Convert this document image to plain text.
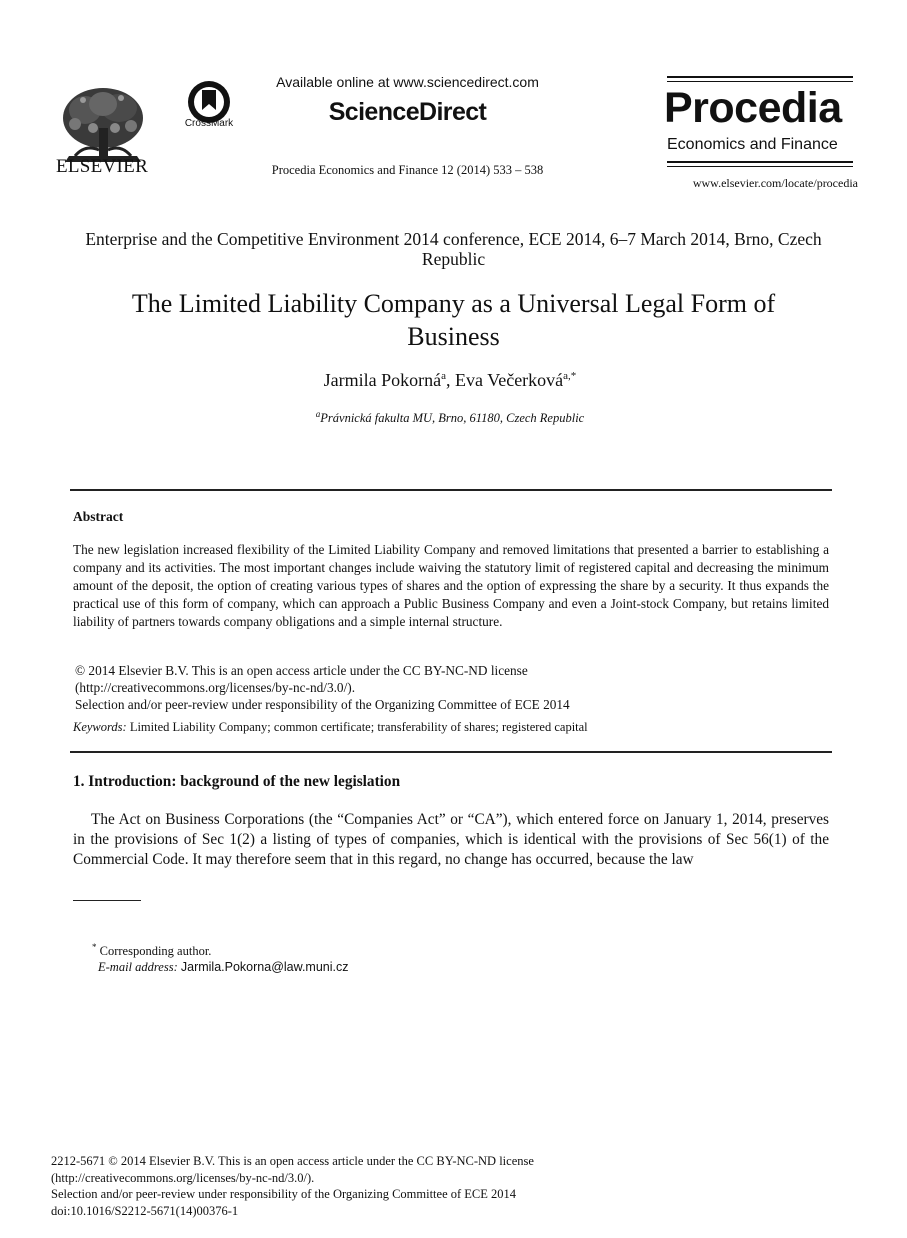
ELSEVIER
CrossMark
Available online at www.sciencedirect.com
ScienceDirect
Procedia Economics and Finance 12 (2014) 533 – 538
Procedia
Economics and Finance
www.elsevier.com/locate/procedia
Enterprise and the Competitive Environment 2014 conference, ECE 2014, 6–7 March 2014, Brno, Czech Republic
The Limited Liability Company as a Universal Legal Form of Business
Jarmila Pokorná$^a$, Eva Večerková$^{a,*}$
$^a$Právnická fakulta MU, Brno, 61180, Czech Republic
Abstract
The new legislation increased flexibility of the Limited Liability Company and removed limitations that presented a barrier to establishing a company and its activities. The most important changes include waiving the statutory limit of registered capital and decreasing the minimum amount of the deposit, the option of creating various types of shares and the option of expressing the share by a security. It thus expands the practical use of this form of company, which can approach a Public Business Company and even a Joint-stock Company, but retains limited liability of partners towards company obligations and a simple internal structure.
© 2014 Elsevier B.V. This is an open access article under the CC BY-NC-ND license
(http://creativecommons.org/licenses/by-nc-nd/3.0/).
Selection and/or peer-review under responsibility of the Organizing Committee of ECE 2014
Keywords: Limited Liability Company; common certificate; transferability of shares; registered capital
1. Introduction: background of the new legislation
The Act on Business Corporations (the “Companies Act” or “CA”), which entered force on January 1, 2014, preserves in the provisions of Sec 1(2) a listing of types of companies, which is identical with the provisions of Sec 56(1) of the Commercial Code. It may therefore seem that in this regard, no change has occurred, because the law
* Corresponding author.
E-mail address: Jarmila.Pokorna@law.muni.cz
2212-5671 © 2014 Elsevier B.V. This is an open access article under the CC BY-NC-ND license
(http://creativecommons.org/licenses/by-nc-nd/3.0/).
Selection and/or peer-review under responsibility of the Organizing Committee of ECE 2014
doi:10.1016/S2212-5671(14)00376-1
